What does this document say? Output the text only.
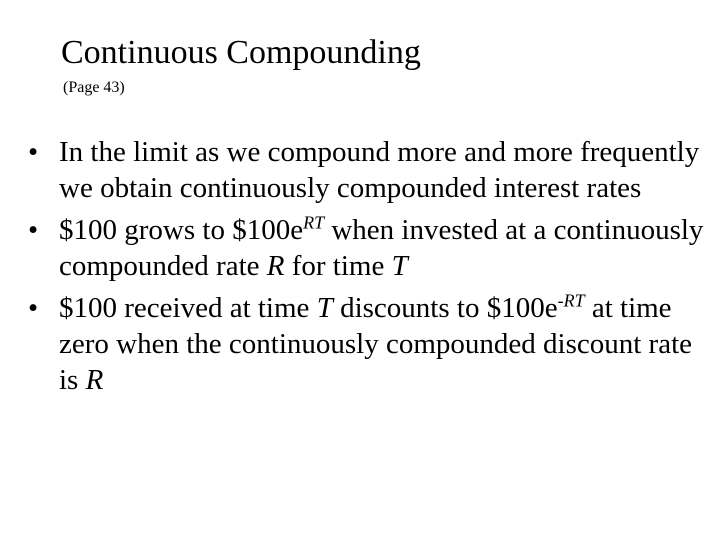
Continuous Compounding
(Page 43)
• In the limit as we compound more and more frequently we obtain continuously compounded interest rates
• $100 grows to $\$100e^{RT}$ when invested at a continuously compounded rate R for time T
• $100 received at time T discounts to $\$100e^{-RT}$ at time zero when the continuously compounded discount rate is R
